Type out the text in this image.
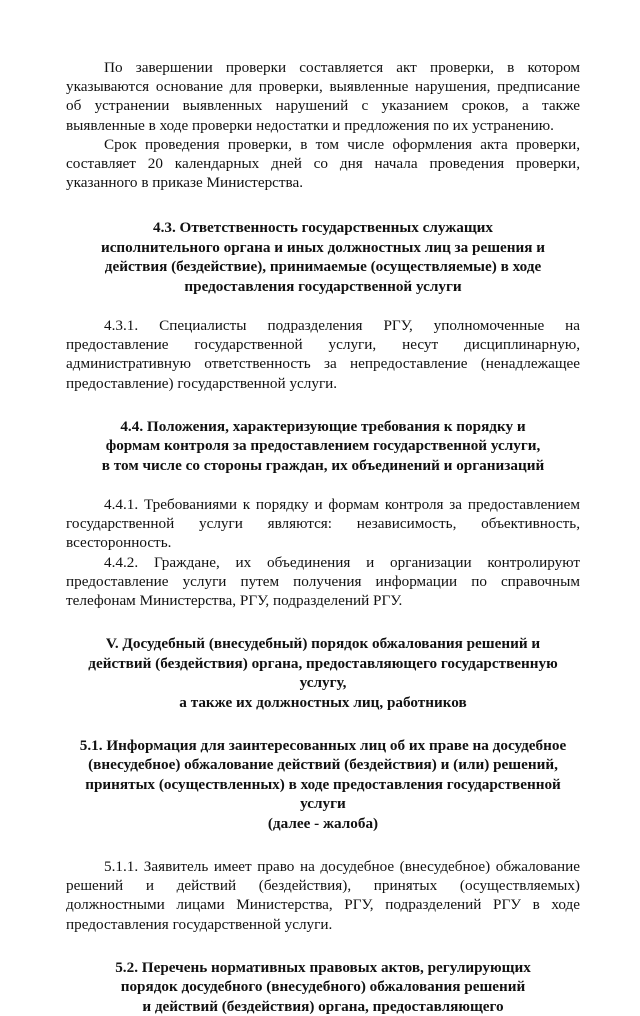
По завершении проверки составляется акт проверки, в котором указываются основание для проверки, выявленные нарушения, предписание об устранении выявленных нарушений с указанием сроков, а также выявленные в ходе проверки недостатки и предложения по их устранению.

Срок проведения проверки, в том числе оформления акта проверки, составляет 20 календарных дней со дня начала проведения проверки, указанного в приказе Министерства.

4.3. Ответственность государственных служащих
исполнительного органа и иных должностных лиц за решения и
действия (бездействие), принимаемые (осуществляемые) в ходе
предоставления государственной услуги

4.3.1. Специалисты подразделения РГУ, уполномоченные на предоставление государственной услуги, несут дисциплинарную, административную ответственность за непредоставление (ненадлежащее предоставление) государственной услуги.

4.4. Положения, характеризующие требования к порядку и
формам контроля за предоставлением государственной услуги,
в том числе со стороны граждан, их объединений и организаций

4.4.1. Требованиями к порядку и формам контроля за предоставлением государственной услуги являются: независимость, объективность, всесторонность.

4.4.2. Граждане, их объединения и организации контролируют предоставление услуги путем получения информации по справочным телефонам Министерства, РГУ, подразделений РГУ.

V. Досудебный (внесудебный) порядок обжалования решений и
действий (бездействия) органа, предоставляющего государственную услугу,
а также их должностных лиц, работников
5.1. Информация для заинтересованных лиц об их праве на досудебное
(внесудебное) обжалование действий (бездействия) и (или) решений,
принятых (осуществленных) в ходе предоставления государственной услуги
(далее - жалоба)

5.1.1. Заявитель имеет право на досудебное (внесудебное) обжалование решений и действий (бездействия), принятых (осуществляемых) должностными лицами Министерства, РГУ, подразделений РГУ в ходе предоставления государственной услуги.

5.2. Перечень нормативных правовых актов, регулирующих
порядок досудебного (внесудебного) обжалования решений
и действий (бездействия) органа, предоставляющего
